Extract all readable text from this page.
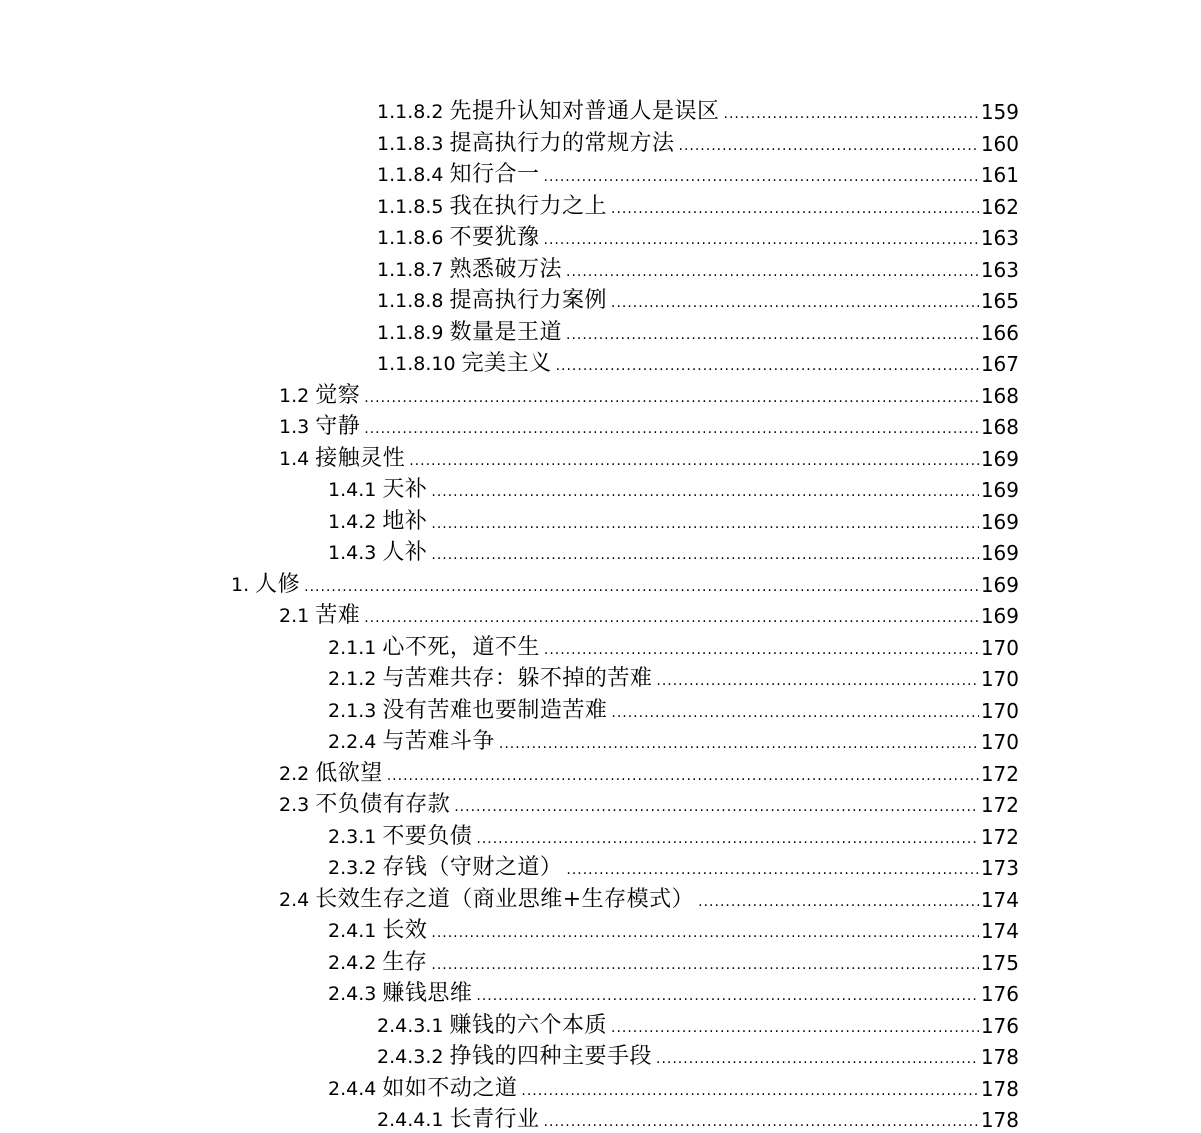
1.1.8.2 先提升认知对普通人是误区 .....	159
1.1.8.3 提高执行力的常规方法 .....	160
1.1.8.4 知行合一 .....	161
1.1.8.5 我在执行力之上 .....	162
1.1.8.6 不要犹豫 .....	163
1.1.8.7 熟悉破万法 .....	163
1.1.8.8 提高执行力案例 .....	165
1.1.8.9 数量是王道 .....	166
1.1.8.10 完美主义 .....	167
1.2 觉察 .....	168
1.3 守静 .....	168
1.4 接触灵性 .....	169
1.4.1 天补 .....	169
1.4.2 地补 .....	169
1.4.3 人补 .....	169
1. 人修 .....	169
2.1 苦难 .....	169
2.1.1 心不死，道不生 .....	170
2.1.2 与苦难共存：躲不掉的苦难 .....	170
2.1.3 没有苦难也要制造苦难 .....	170
2.2.4 与苦难斗争 .....	170
2.2 低欲望 .....	172
2.3 不负债有存款 .....	172
2.3.1 不要负债 .....	172
2.3.2 存钱（守财之道） .....	173
2.4 长效生存之道（商业思维+生存模式） .....	174
2.4.1 长效 .....	174
2.4.2 生存 .....	175
2.4.3 赚钱思维 .....	176
2.4.3.1 赚钱的六个本质 .....	176
2.4.3.2 挣钱的四种主要手段 .....	178
2.4.4 如如不动之道 .....	178
2.4.4.1 长青行业 .....	178
